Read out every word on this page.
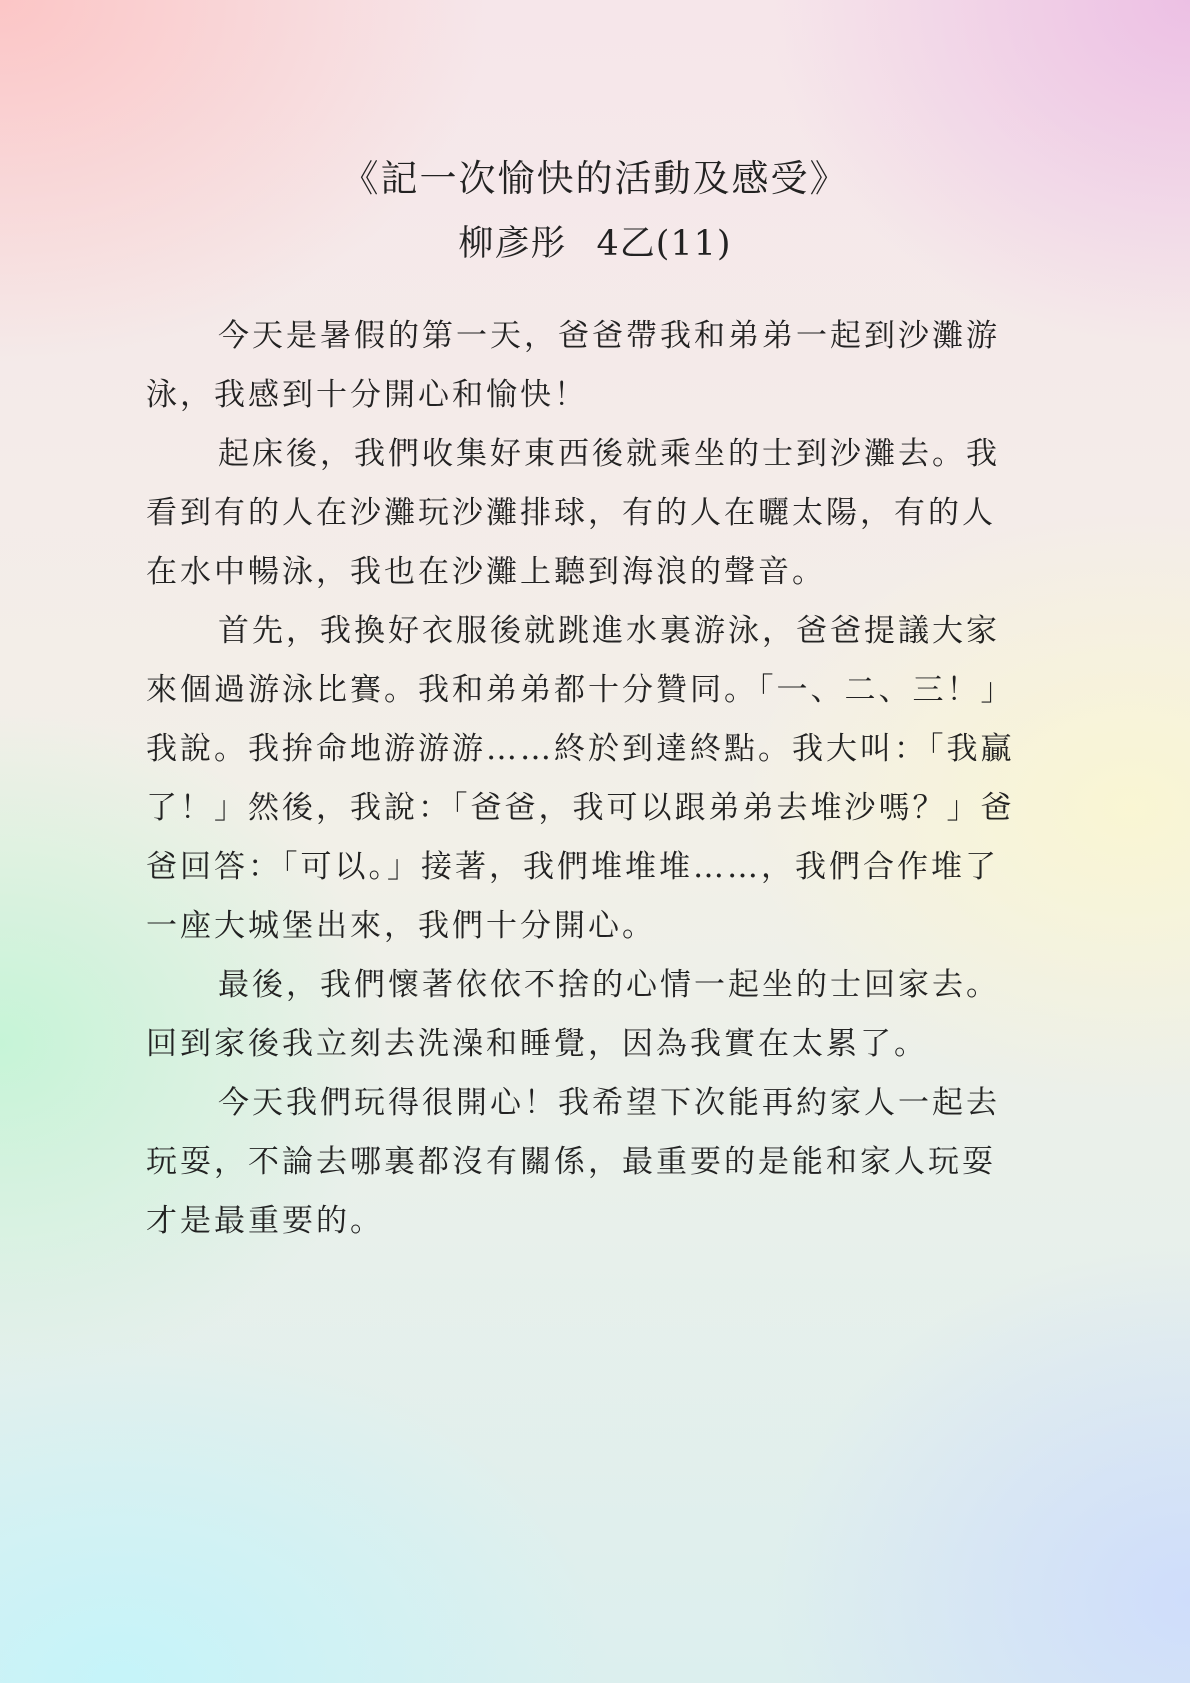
《記一次愉快的活動及感受》
柳彥彤 4乙(11)

今天是暑假的第一天，爸爸帶我和弟弟一起到沙灘游泳，我感到十分開心和愉快！

起床後，我們收集好東西後就乘坐的士到沙灘去。我看到有的人在沙灘玩沙灘排球，有的人在曬太陽，有的人在水中暢泳，我也在沙灘上聽到海浪的聲音。

首先，我換好衣服後就跳進水裏游泳，爸爸提議大家來個過游泳比賽。我和弟弟都十分贊同。「一、二、三！」我說。我拚命地游游游……終於到達終點。我大叫：「我贏了！」然後，我說：「爸爸，我可以跟弟弟去堆沙嗎？」爸爸回答：「可以。」接著，我們堆堆堆……，我們合作堆了一座大城堡出來，我們十分開心。

最後，我們懷著依依不捨的心情一起坐的士回家去。回到家後我立刻去洗澡和睡覺，因為我實在太累了。

今天我們玩得很開心！我希望下次能再約家人一起去玩耍，不論去哪裏都沒有關係，最重要的是能和家人玩耍才是最重要的。
